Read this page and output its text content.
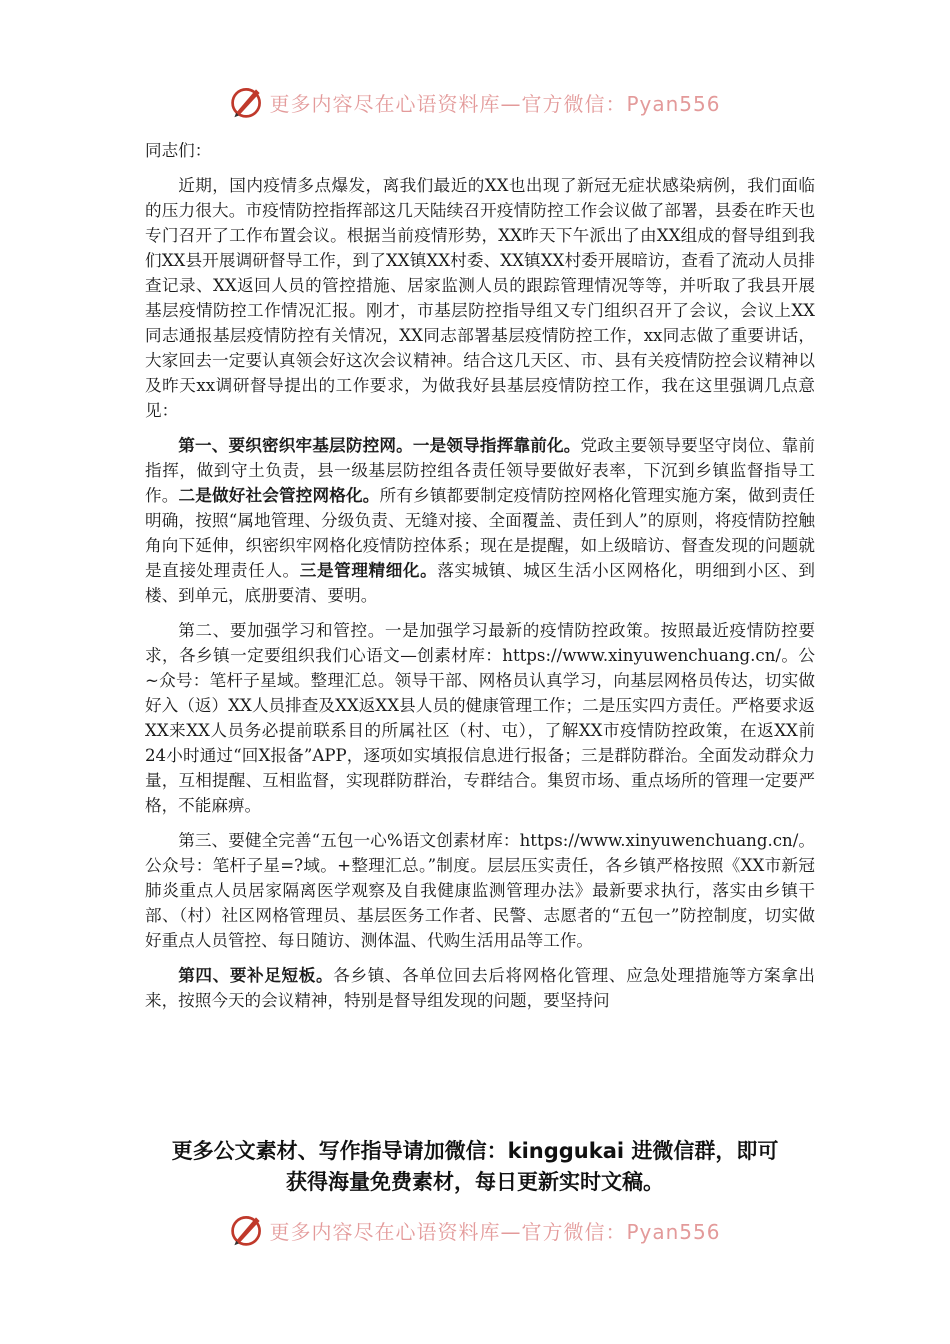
更多内容尽在心语资料库—官方微信：Pyan556

同志们：

近期，国内疫情多点爆发，离我们最近的XX也出现了新冠无症状感染病例，我们面临的压力很大。市疫情防控指挥部这几天陆续召开疫情防控工作会议做了部署，县委在昨天也专门召开了工作布置会议。根据当前疫情形势，XX昨天下午派出了由XX组成的督导组到我们XX县开展调研督导工作，到了XX镇XX村委、XX镇XX村委开展暗访，查看了流动人员排查记录、XX返回人员的管控措施、居家监测人员的跟踪管理情况等等，并听取了我县开展基层疫情防控工作情况汇报。刚才，市基层防控指导组又专门组织召开了会议，会议上XX同志通报基层疫情防控有关情况，XX同志部署基层疫情防控工作，xx同志做了重要讲话，大家回去一定要认真领会好这次会议精神。结合这几天区、市、县有关疫情防控会议精神以及昨天xx调研督导提出的工作要求，为做我好县基层疫情防控工作，我在这里强调几点意见：

第一、要织密织牢基层防控网。一是领导指挥靠前化。党政主要领导要坚守岗位、靠前指挥，做到守土负责，县一级基层防控组各责任领导要做好表率，下沉到乡镇监督指导工作。二是做好社会管控网格化。所有乡镇都要制定疫情防控网格化管理实施方案，做到责任明确，按照“属地管理、分级负责、无缝对接、全面覆盖、责任到人”的原则，将疫情防控触角向下延伸，织密织牢网格化疫情防控体系；现在是提醒，如上级暗访、督查发现的问题就是直接处理责任人。三是管理精细化。落实城镇、城区生活小区网格化，明细到小区、到楼、到单元，底册要清、要明。

第二、要加强学习和管控。一是加强学习最新的疫情防控政策。按照最近疫情防控要求，各乡镇一定要组织我们心语文—创素材库：https://www.xinyuwenchuang.cn/。公~众号：笔杆子星域。整理汇总。领导干部、网格员认真学习，向基层网格员传达，切实做好入（返）XX人员排查及XX返XX县人员的健康管理工作；二是压实四方责任。严格要求返XX来XX人员务必提前联系目的所属社区（村、屯），了解XX市疫情防控政策，在返XX前24小时通过“回X报备”APP，逐项如实填报信息进行报备；三是群防群治。全面发动群众力量，互相提醒、互相监督，实现群防群治，专群结合。集贸市场、重点场所的管理一定要严格，不能麻痹。

第三、要健全完善“五包一心%语文创素材库：https://www.xinyuwenchuang.cn/。公众号：笔杆子星=?域。+整理汇总。”制度。层层压实责任，各乡镇严格按照《XX市新冠肺炎重点人员居家隔离医学观察及自我健康监测管理办法》最新要求执行，落实由乡镇干部、（村）社区网格管理员、基层医务工作者、民警、志愿者的“五包一”防控制度，切实做好重点人员管控、每日随访、测体温、代购生活用品等工作。

第四、要补足短板。各乡镇、各单位回去后将网格化管理、应急处理措施等方案拿出来，按照今天的会议精神，特别是督导组发现的问题，要坚持问

更多公文素材、写作指导请加微信：kinggukai 进微信群，即可
获得海量免费素材，每日更新实时文稿。
更多内容尽在心语资料库—官方微信：Pyan556
